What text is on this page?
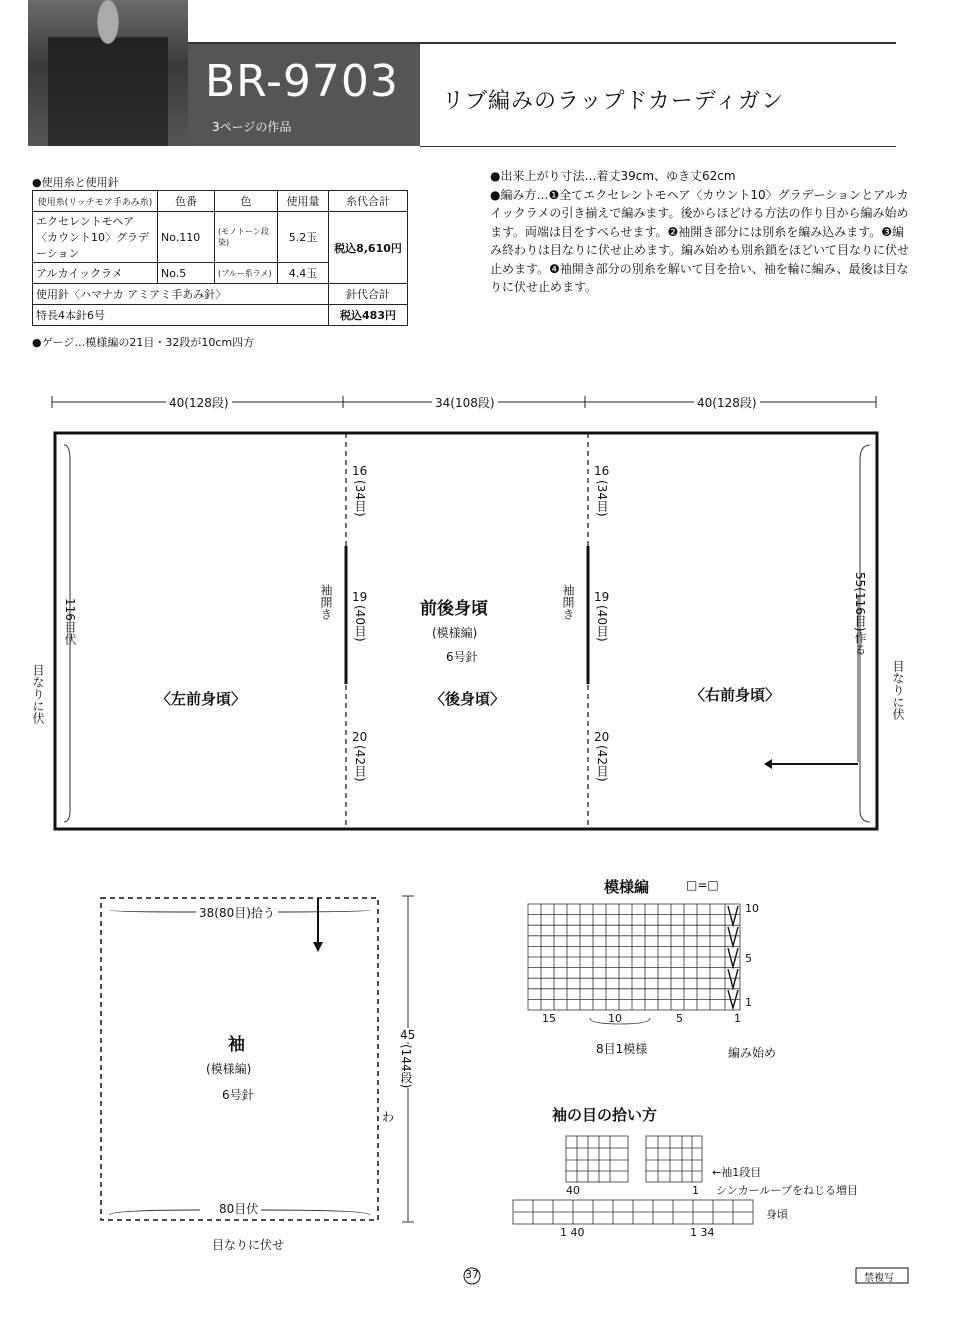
BR-9703
3ページの作品
リブ編みのラップドカーディガン
●使用糸と使用針
使用糸(リッチモア手あみ糸)	色番	色	使用量	糸代合計
エクセレントモヘア〈カウント10〉グラデーション	No.110	(モノトーン段染)	5.2玉	税込8,610円
アルカイックラメ	No.5	(ブルー系ラメ)	4.4玉	
使用針〈ハマナカ アミアミ手あみ針〉				針代合計
特長4本針6号				税込483円
●ゲージ…模様編の21目・32段が10cm四方

●出来上がり寸法…着丈39cm、ゆき丈62cm

●編み方…❶全てエクセレントモヘア〈カウント10〉グラデーションとアルカイックラメの引き揃えで編みます。後からほどける方法の作り目から編み始めます。両端は目をすべらせます。❷袖開き部分には別糸を編み込みます。❸編み終わりは目なりに伏せ止めます。編み始めも別糸鎖をほどいて目なりに伏せ止めます。❹袖開き部分の別糸を解いて目を拾い、袖を輪に編み、最後は目なりに伏せ止めます。

40(128段)	34(108段)	40(128段)
16
(34目)
19
(40目)
20
(42目)
袖開き
16
(34目)
19
(40目)
20
(42目)
袖開き
116目伏
目なりに伏
55(116目)作る
目なりに伏
前後身頃
(模様編)
6号針
〈左前身頃〉	〈後身頃〉	〈右前身頃〉
38(80目)拾う
袖
(模様編)
6号針
45
(144段)
わ
80目伏
目なりに伏せ
模様編	□=□
10
5
1
15	10	5	1
8目1模様	編み始め
袖の目の拾い方
←袖1段目
シンカーループをねじる増目
身頃
40	1
1 40	1 34
37	禁複写
